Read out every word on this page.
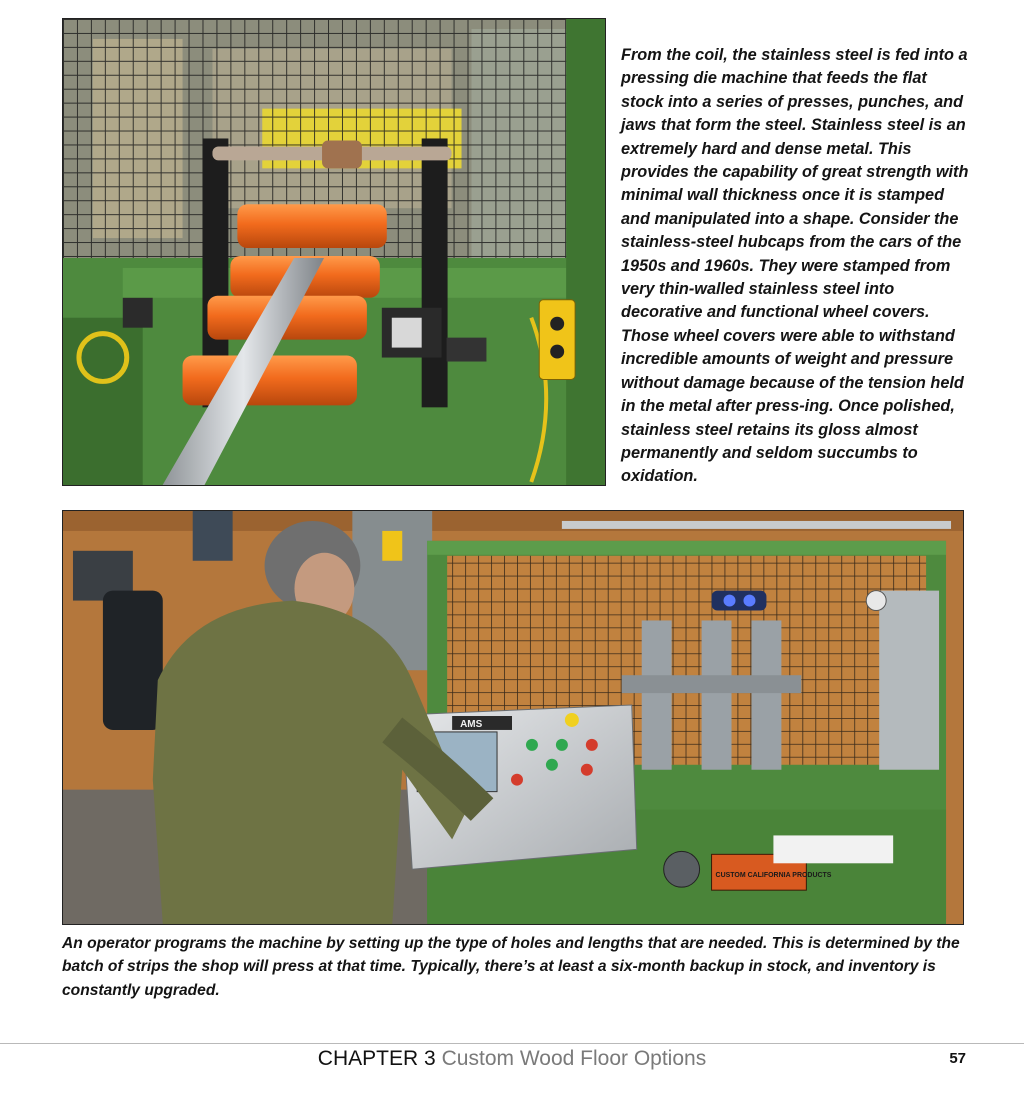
From the coil, the stainless steel is fed into a pressing die machine that feeds the flat stock into a series of presses, punches, and jaws that form the steel. Stainless steel is an extremely hard and dense metal. This provides the capability of great strength with minimal wall thickness once it is stamped and manipulated into a shape. Consider the stainless-steel hubcaps from the cars of the 1950s and 1960s. They were stamped from very thin-walled stainless steel into decorative and functional wheel covers. Those wheel covers were able to withstand incredible amounts of weight and pressure without damage because of the tension held in the metal after press-ing. Once polished, stainless steel retains its gloss almost permanently and seldom succumbs to oxidation.

AMS
CUSTOM CALIFORNIA PRODUCTS

An operator programs the machine by setting up the type of holes and lengths that are needed. This is determined by the batch of strips the shop will press at that time. Typically, there’s at least a six-month backup in stock, and inventory is constantly upgraded.

CHAPTER 3 Custom Wood Floor Options	57
